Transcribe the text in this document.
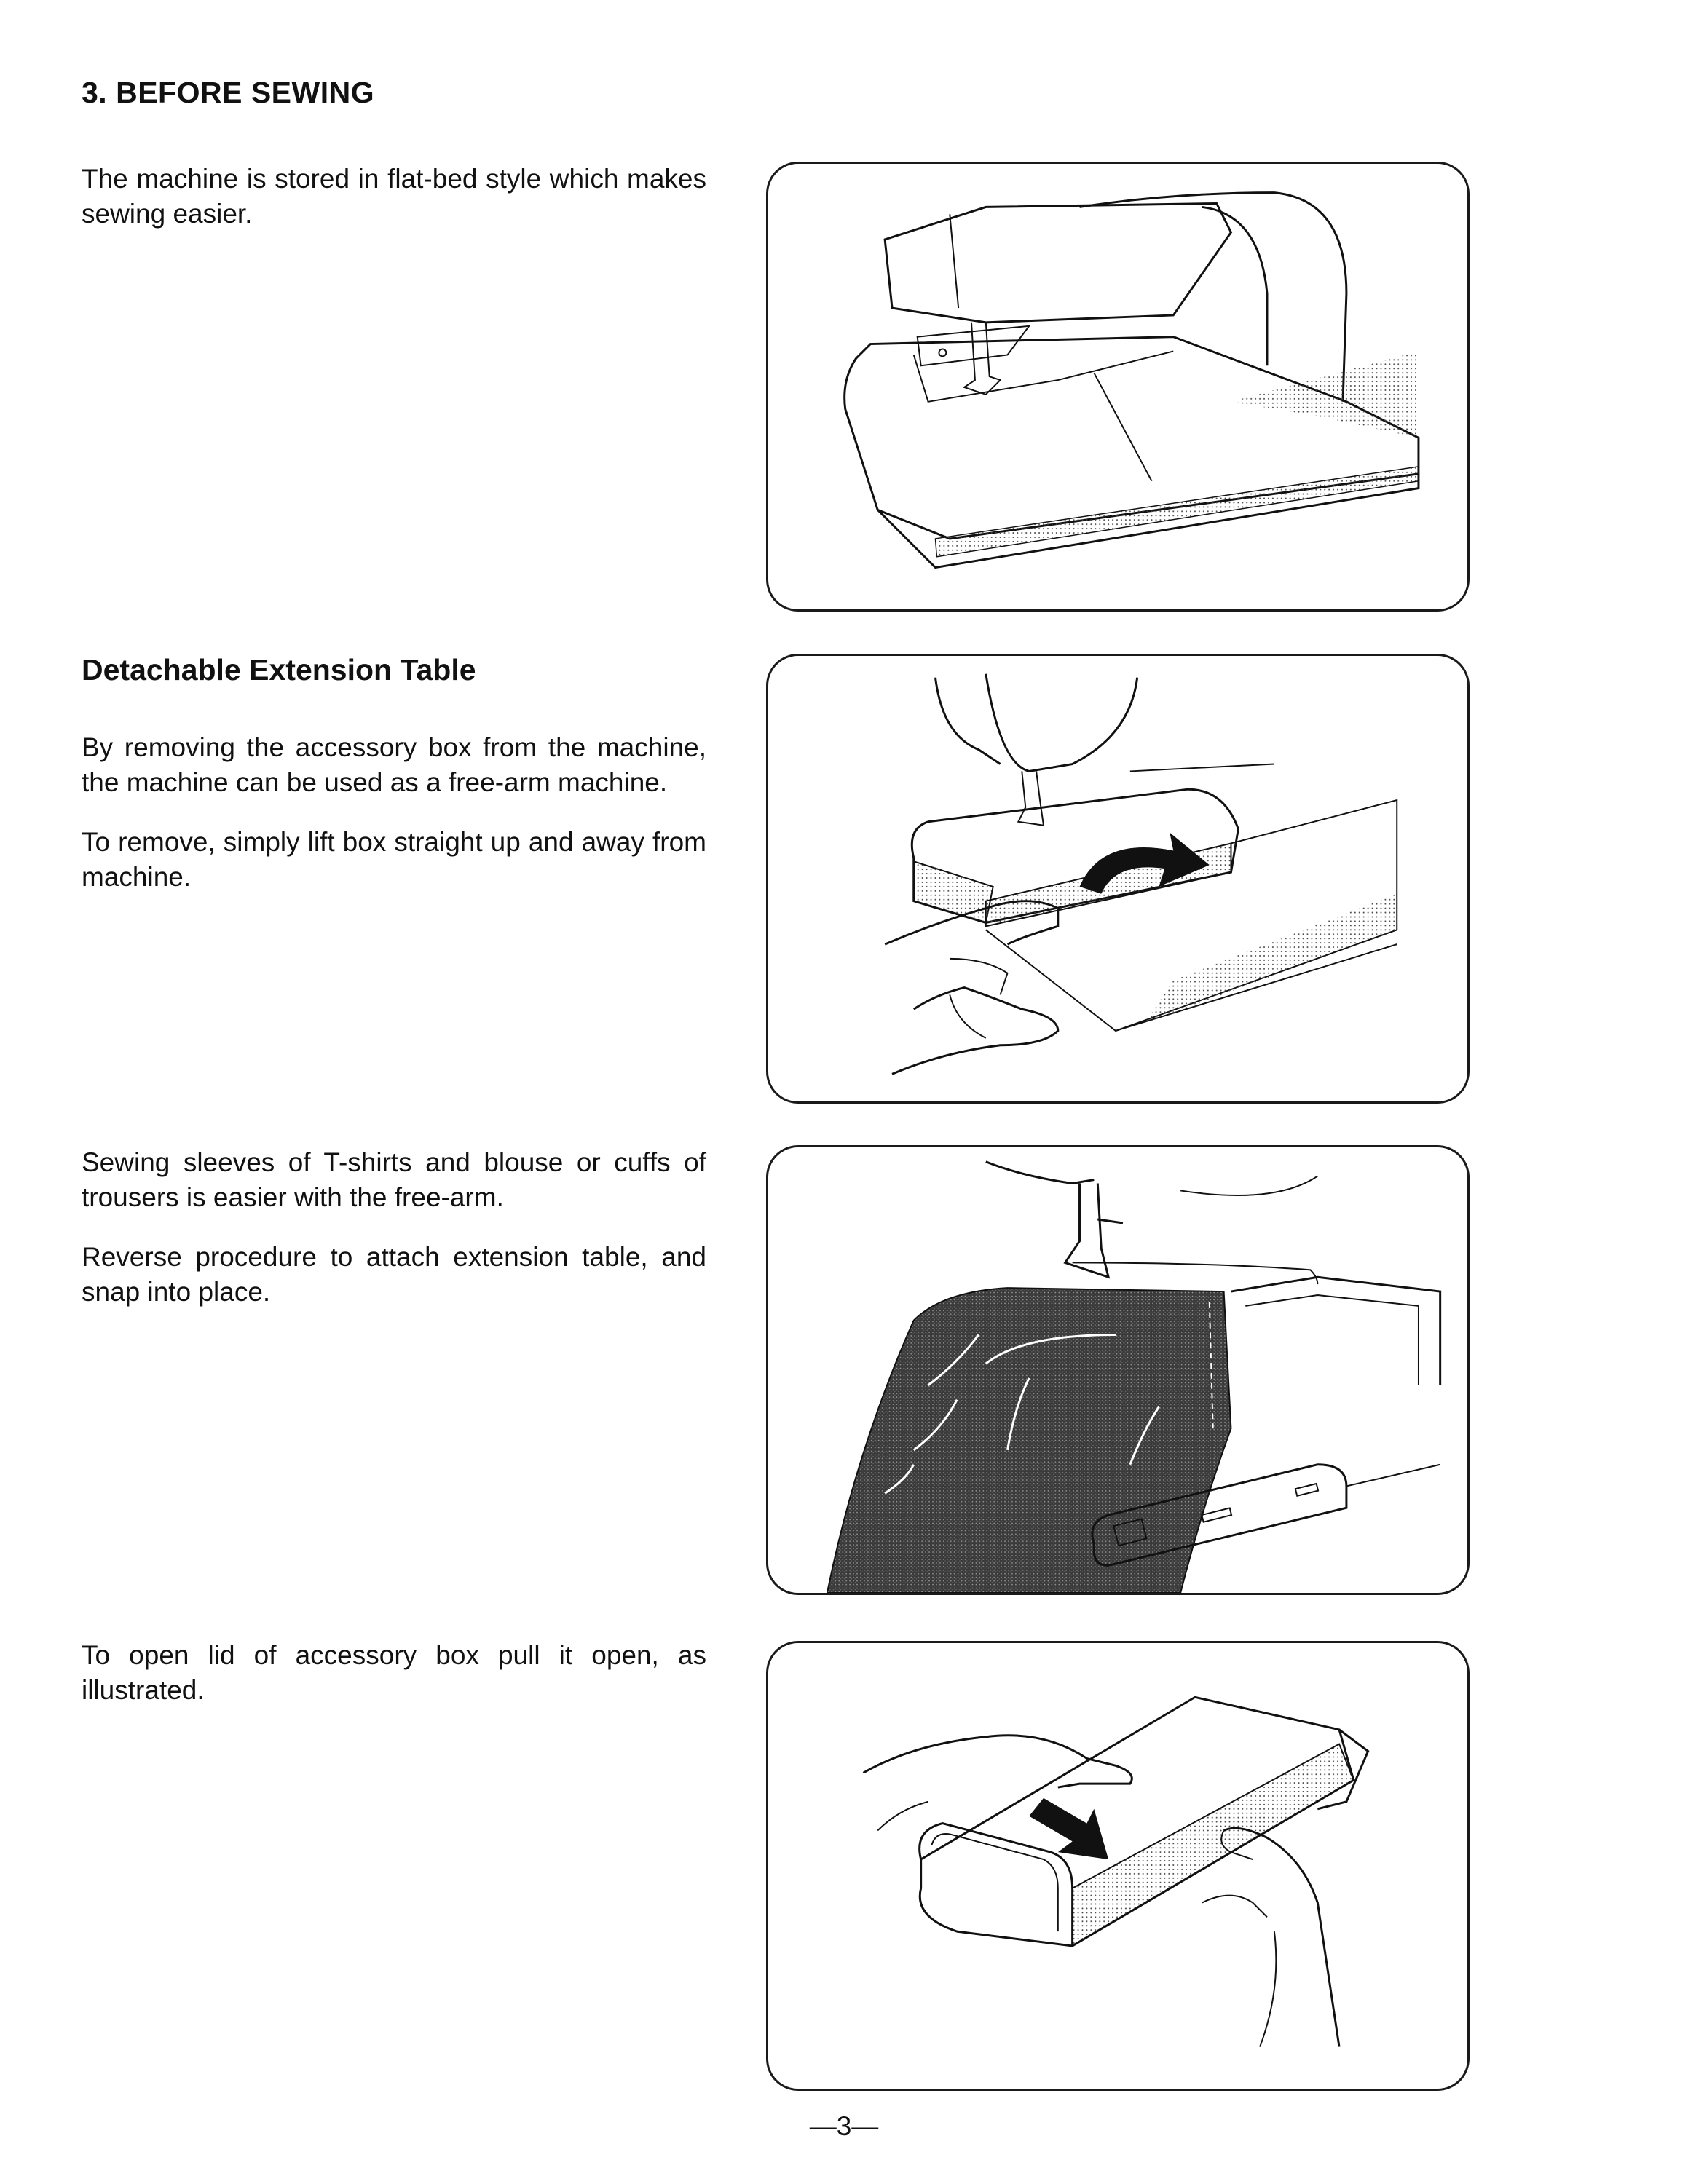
3. BEFORE SEWING

The machine is stored in flat-bed style which makes sewing easier.

Detachable Extension Table

By removing the accessory box from the machine, the machine can be used as a free-arm machine.

To remove, simply lift box straight up and away from machine.

Sewing sleeves of T-shirts and blouse or cuffs of trousers is easier with the free-arm.

Reverse procedure to attach extension table, and snap into place.

To open lid of accessory box pull it open, as illustrated.

—3—
